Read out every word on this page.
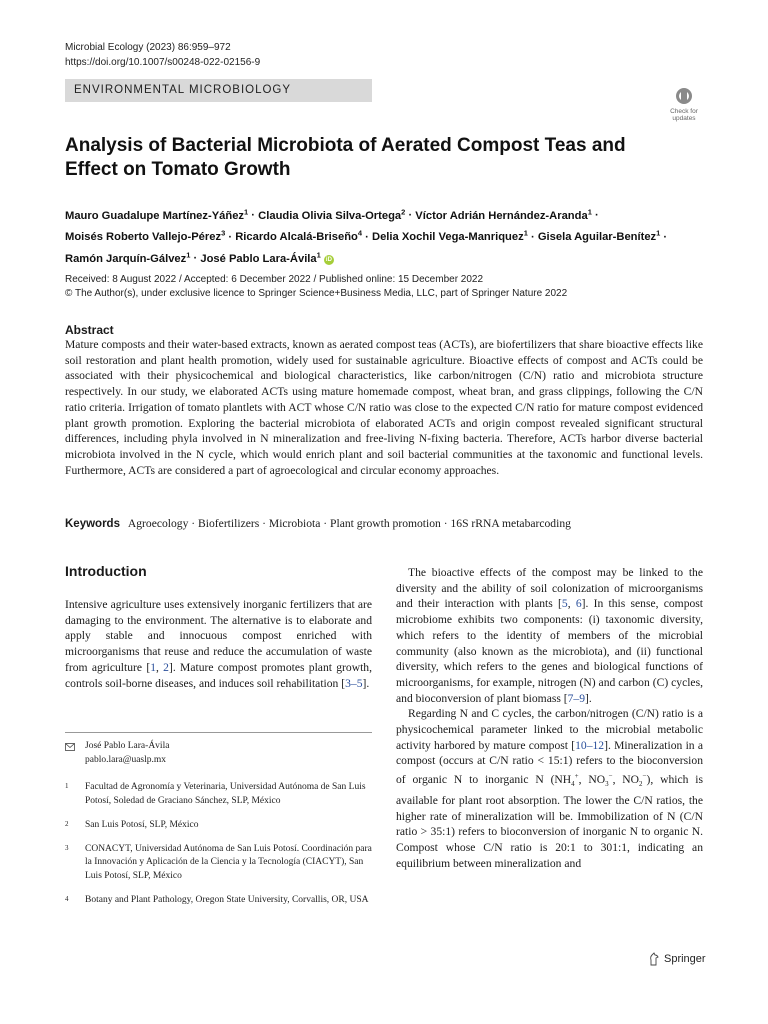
Microbial Ecology (2023) 86:959–972
https://doi.org/10.1007/s00248-022-02156-9
ENVIRONMENTAL MICROBIOLOGY
Check for
updates
Analysis of Bacterial Microbiota of Aerated Compost Teas and Effect on Tomato Growth
Mauro Guadalupe Martínez-Yáñez$^1$ · Claudia Olivia Silva-Ortega$^2$ · Víctor Adrián Hernández-Aranda$^1$ ·
Moisés Roberto Vallejo-Pérez$^3$ · Ricardo Alcalá-Briseño$^4$ · Delia Xochil Vega-Manriquez$^1$ · Gisela Aguilar-Benítez$^1$ ·
Ramón Jarquín-Gálvez$^1$ · José Pablo Lara-Ávila$^1$ iD
Received: 8 August 2022 / Accepted: 6 December 2022 / Published online: 15 December 2022
© The Author(s), under exclusive licence to Springer Science+Business Media, LLC, part of Springer Nature 2022
Abstract
Mature composts and their water-based extracts, known as aerated compost teas (ACTs), are biofertilizers that share bioactive effects like soil restoration and plant health promotion, widely used for sustainable agriculture. Bioactive effects of compost and ACTs could be associated with their physicochemical and biological characteristics, like carbon/nitrogen (C/N) ratio and microbiota structure respectively. In our study, we elaborated ACTs using mature homemade compost, wheat bran, and grass clippings, following the C/N ratio criteria. Irrigation of tomato plantlets with ACT whose C/N ratio was close to the expected C/N ratio for mature compost evidenced plant growth promotion. Exploring the bacterial microbiota of elaborated ACTs and origin compost revealed significant structural differences, including phyla involved in N mineralization and free-living N-fixing bacteria. Therefore, ACTs harbor diverse bacterial microbiota involved in the N cycle, which would enrich plant and soil bacterial communities at the taxonomic and functional levels. Furthermore, ACTs are considered a part of agroecological and circular economy approaches.
Keywords Agroecology · Biofertilizers · Microbiota · Plant growth promotion · 16S rRNA metabarcoding
Introduction

Intensive agriculture uses extensively inorganic fertilizers that are damaging to the environment. The alternative is to elaborate and apply stable and innocuous compost enriched with microorganisms that reuse and reduce the accumulation of waste from agriculture [1, 2]. Mature compost promotes plant growth, controls soil-borne diseases, and induces soil rehabilitation [3–5].

José Pablo Lara-Ávila
pablo.lara@uaslp.mx
1 Facultad de Agronomía y Veterinaria, Universidad Autónoma de San Luis Potosí, Soledad de Graciano Sánchez, SLP, México
2 San Luis Potosí, SLP, México
3 CONACYT, Universidad Autónoma de San Luis Potosí. Coordinación para la Innovación y Aplicación de la Ciencia y la Tecnología (CIACYT), San Luis Potosí, SLP, México
4 Botany and Plant Pathology, Oregon State University, Corvallis, OR, USA

The bioactive effects of the compost may be linked to the diversity and the ability of soil colonization of microorganisms and their interaction with plants [5, 6]. In this sense, compost microbiome exhibits two components: (i) taxonomic diversity, which refers to the identity of members of the microbial community (also known as the microbiota), and (ii) functional diversity, which refers to the genes and biological functions of microorganisms, for example, nitrogen (N) and carbon (C) cycles, and bioconversion of plant biomass [7–9].

Regarding N and C cycles, the carbon/nitrogen (C/N) ratio is a physicochemical parameter linked to the microbial metabolic activity harbored by mature compost [10–12]. Mineralization in a compost (occurs at C/N ratio < 15:1) refers to the bioconversion of organic N to inorganic N ($NH_4^+$, $NO_3^-$, $NO_2^-$), which is available for plant root absorption. The lower the C/N ratios, the higher rate of mineralization will be. Immobilization of N (C/N ratio > 35:1) refers to bioconversion of inorganic N to organic N. Compost whose C/N ratio is 20:1 to 301:1, indicating an equilibrium between mineralization and

Springer
